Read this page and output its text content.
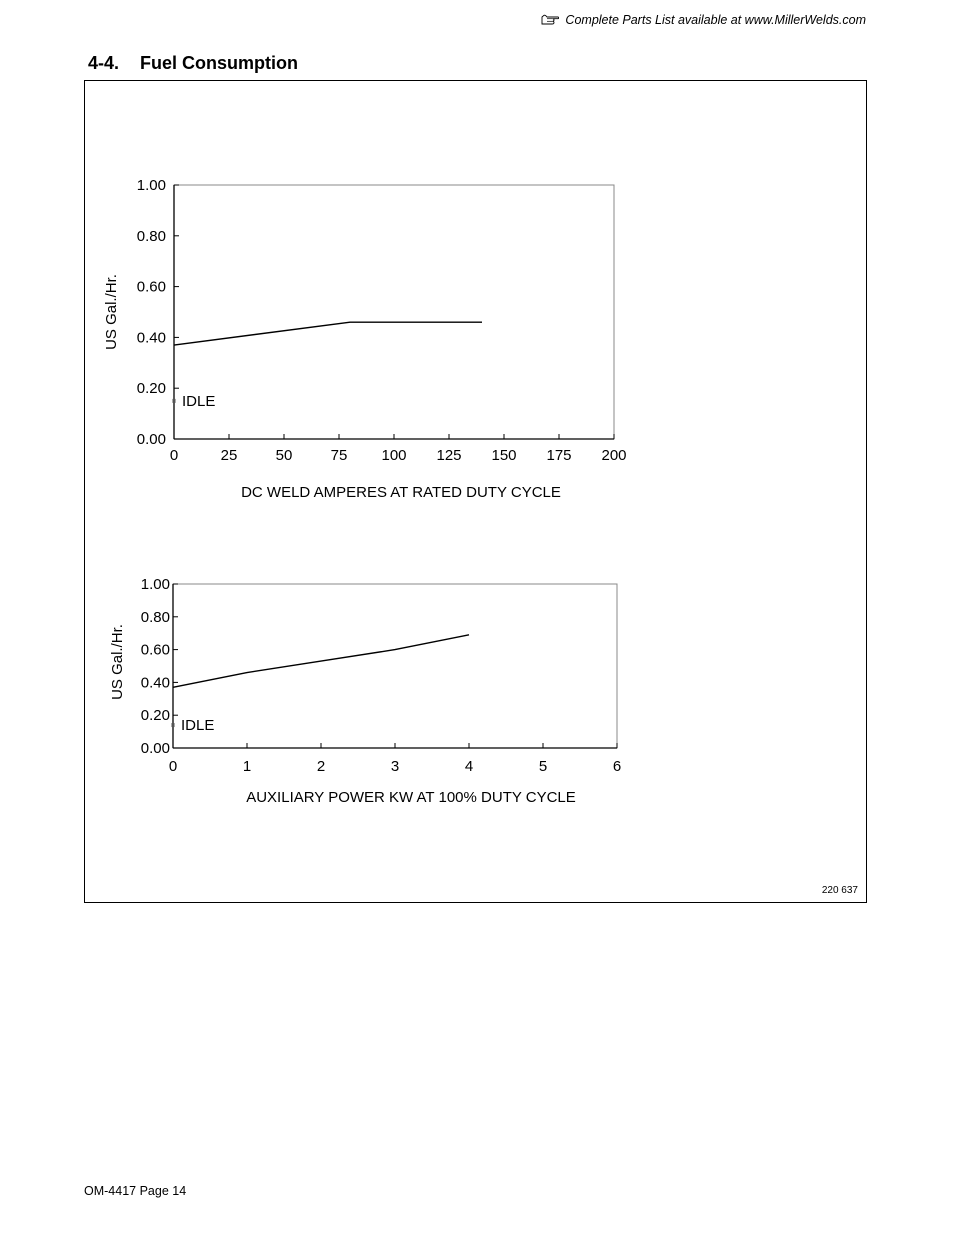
Complete Parts List available at www.MillerWelds.com
4-4. Fuel Consumption
0	25	50	75 100 125 150 175 200
0.00
0.20
0.40
0.60
0.80
1.00
IDLE
DC WELD AMPERES AT RATED DUTY CYCLE
US Gal./Hr.
0	1	2	3	4	5	6
0.00
0.20
0.40
0.60
0.80
1.00
IDLE
AUXILIARY POWER KW AT 100% DUTY CYCLE
US Gal./Hr.
220 637
OM-4417 Page 14
